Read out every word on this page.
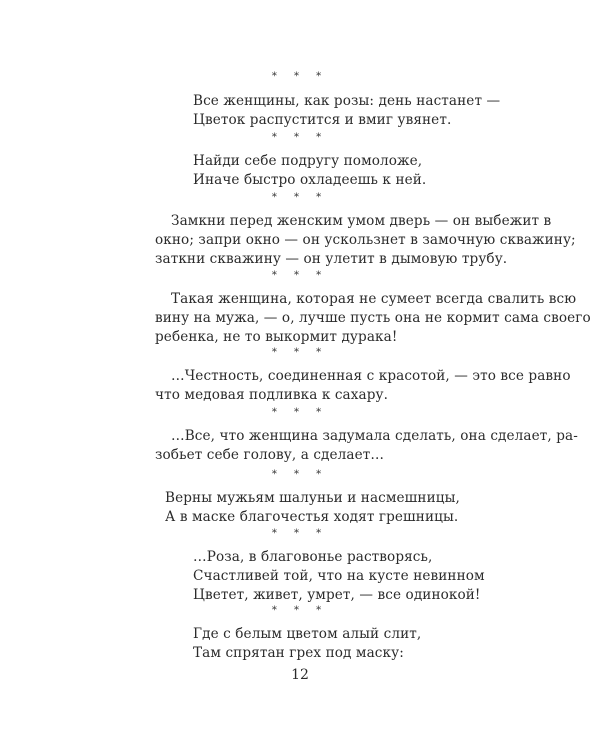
* * *
Все женщины, как розы: день настанет —
Цветок распустится и вмиг увянет.
* * *
Найди себе подругу помоложе,
Иначе быстро охладеешь к ней.
* * *
Замкни перед женским умом дверь — он выбежит в
окно; запри окно — он ускользнет в замочную скважину;
заткни скважину — он улетит в дымовую трубу.
* * *
Такая женщина, которая не сумеет всегда свалить всю
вину на мужа, — о, лучше пусть она не кормит сама своего
ребенка, не то выкормит дурака!
* * *
…Честность, соединенная с красотой, — это все равно
что медовая подливка к сахару.
* * *
…Все, что женщина задумала сделать, она сделает, ра-
зобьет себе голову, а сделает…
* * *
Верны мужьям шалуньи и насмешницы,
А в маске благочестья ходят грешницы.
* * *
…Роза, в благовонье растворясь,
Счастливей той, что на кусте невинном
Цветет, живет, умрет, — все одинокой!
* * *
Где с белым цветом алый слит,
Там спрятан грех под маску:
12
